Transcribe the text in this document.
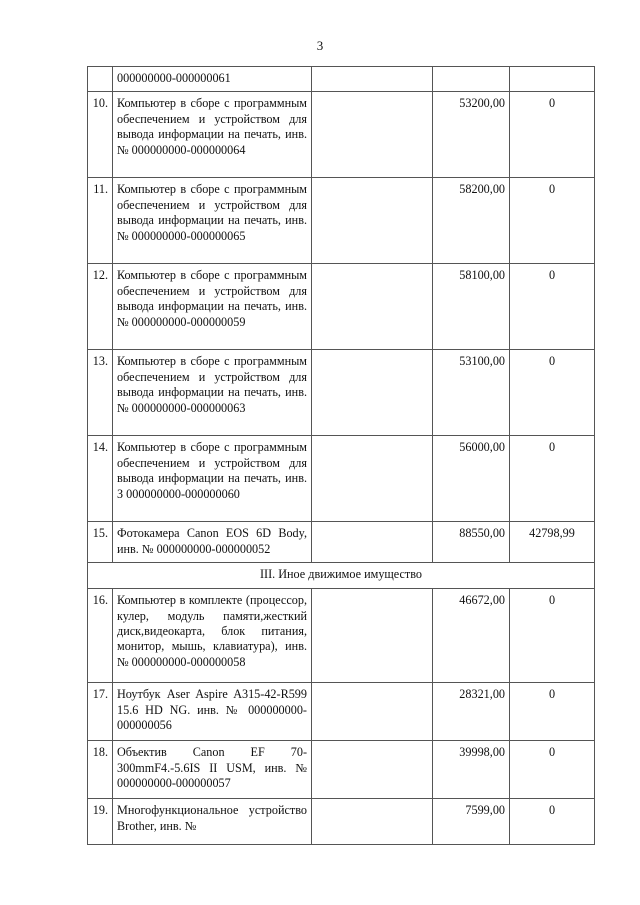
3
	000000000-000000061			
10.	Компьютер в сборе с программным обеспечением и устройством для вывода информации на печать, инв. № 000000000-000000064		53200,00	0
11.	Компьютер в сборе с программным обеспечением и устройством для вывода информации на печать, инв. № 000000000-000000065		58200,00	0
12.	Компьютер в сборе с программным обеспечением и устройством для вывода информации на печать, инв. № 000000000-000000059		58100,00	0
13.	Компьютер в сборе с программным обеспечением и устройством для вывода информации на печать, инв. № 000000000-000000063		53100,00	0
14.	Компьютер в сборе с программным обеспечением и устройством для вывода информации на печать, инв. З 000000000-000000060		56000,00	0
15.	Фотокамера Canon EOS 6D Body, инв. № 000000000-000000052		88550,00	42798,99
III. Иное движимое имущество				
16.	Компьютер в комплекте (процессор, кулер, модуль памяти,жесткий диск,видеокарта, блок питания, монитор, мышь, клавиатура), инв. № 000000000-000000058		46672,00	0
17.	Ноутбук Aser Aspire A315-42-R599 15.6 HD NG. инв. № 000000000-000000056		28321,00	0
18.	Объектив Canon EF 70-300mmF4.-5.6IS II USM, инв. № 000000000-000000057		39998,00	0
19.	Многофункциональное устройство Brother, инв. №		7599,00	0
